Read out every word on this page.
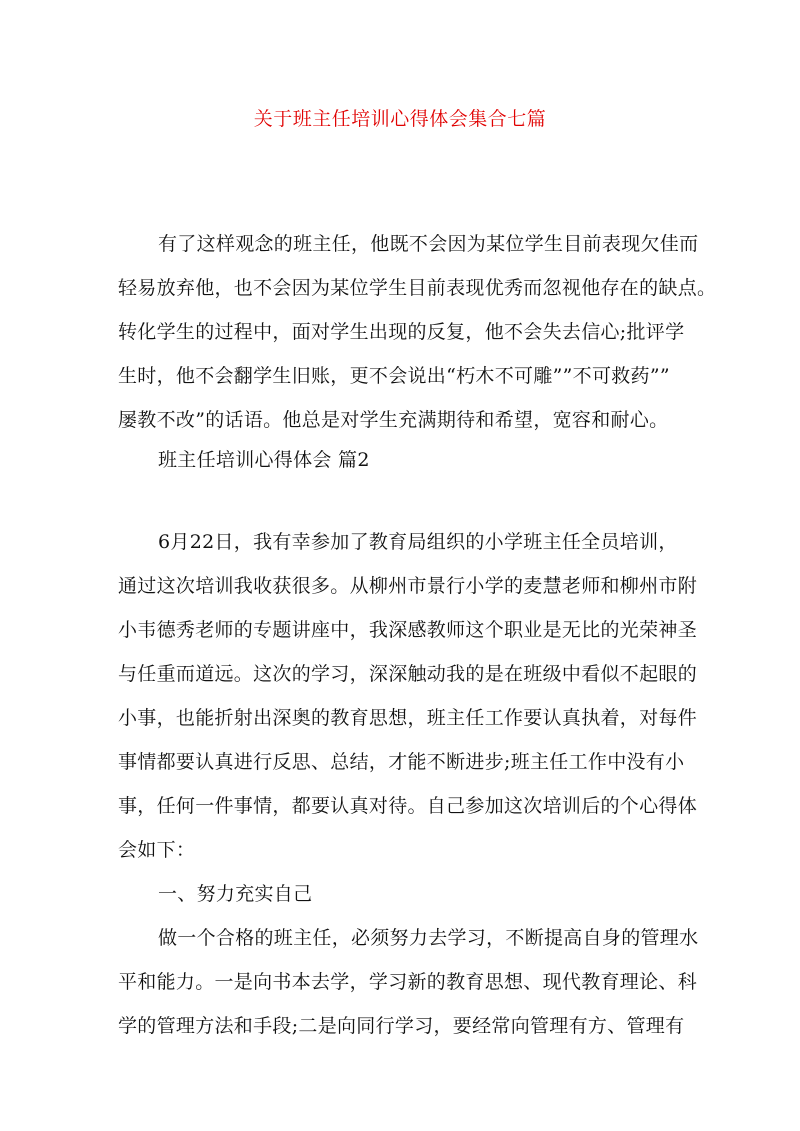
关于班主任培训心得体会集合七篇
有了这样观念的班主任，他既不会因为某位学生目前表现欠佳而
轻易放弃他，也不会因为某位学生目前表现优秀而忽视他存在的缺点。
转化学生的过程中，面对学生出现的反复，他不会失去信心;批评学
生时，他不会翻学生旧账，更不会说出“朽木不可雕””不可救药””
屡教不改”的话语。他总是对学生充满期待和希望，宽容和耐心。
班主任培训心得体会 篇2
6月22日，我有幸参加了教育局组织的小学班主任全员培训，
通过这次培训我收获很多。从柳州市景行小学的麦慧老师和柳州市附
小韦德秀老师的专题讲座中，我深感教师这个职业是无比的光荣神圣
与任重而道远。这次的学习，深深触动我的是在班级中看似不起眼的
小事，也能折射出深奥的教育思想，班主任工作要认真执着，对每件
事情都要认真进行反思、总结，才能不断进步;班主任工作中没有小
事，任何一件事情，都要认真对待。自己参加这次培训后的个心得体
会如下：
一、努力充实自己
做一个合格的班主任，必须努力去学习，不断提高自身的管理水
平和能力。一是向书本去学，学习新的教育思想、现代教育理论、科
学的管理方法和手段;二是向同行学习，要经常向管理有方、管理有
